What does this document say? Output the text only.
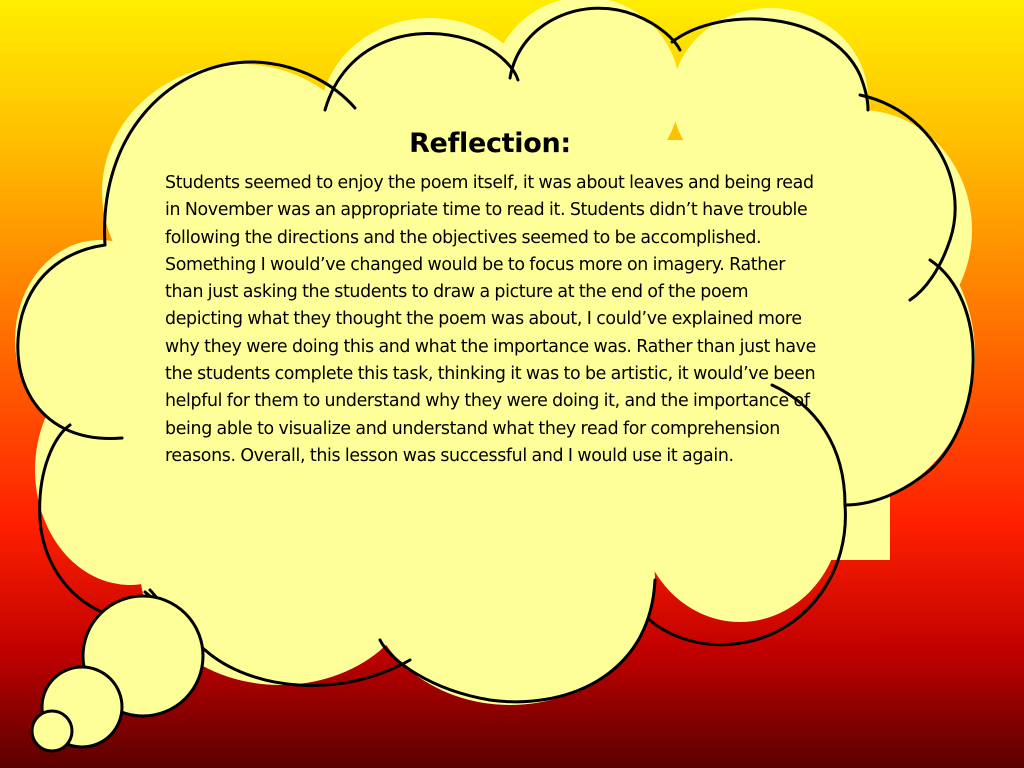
Reflection:
Students seemed to enjoy the poem itself, it was about leaves and being read in November was an appropriate time to read it. Students didn’t have trouble following the directions and the objectives seemed to be accomplished. Something I would’ve changed would be to focus more on imagery. Rather than just asking the students to draw a picture at the end of the poem depicting what they thought the poem was about, I could’ve explained more why they were doing this and what the importance was. Rather than just have the students complete this task, thinking it was to be artistic, it would’ve been helpful for them to understand why they were doing it, and the importance of being able to visualize and understand what they read for comprehension reasons. Overall, this lesson was successful and I would use it again.
